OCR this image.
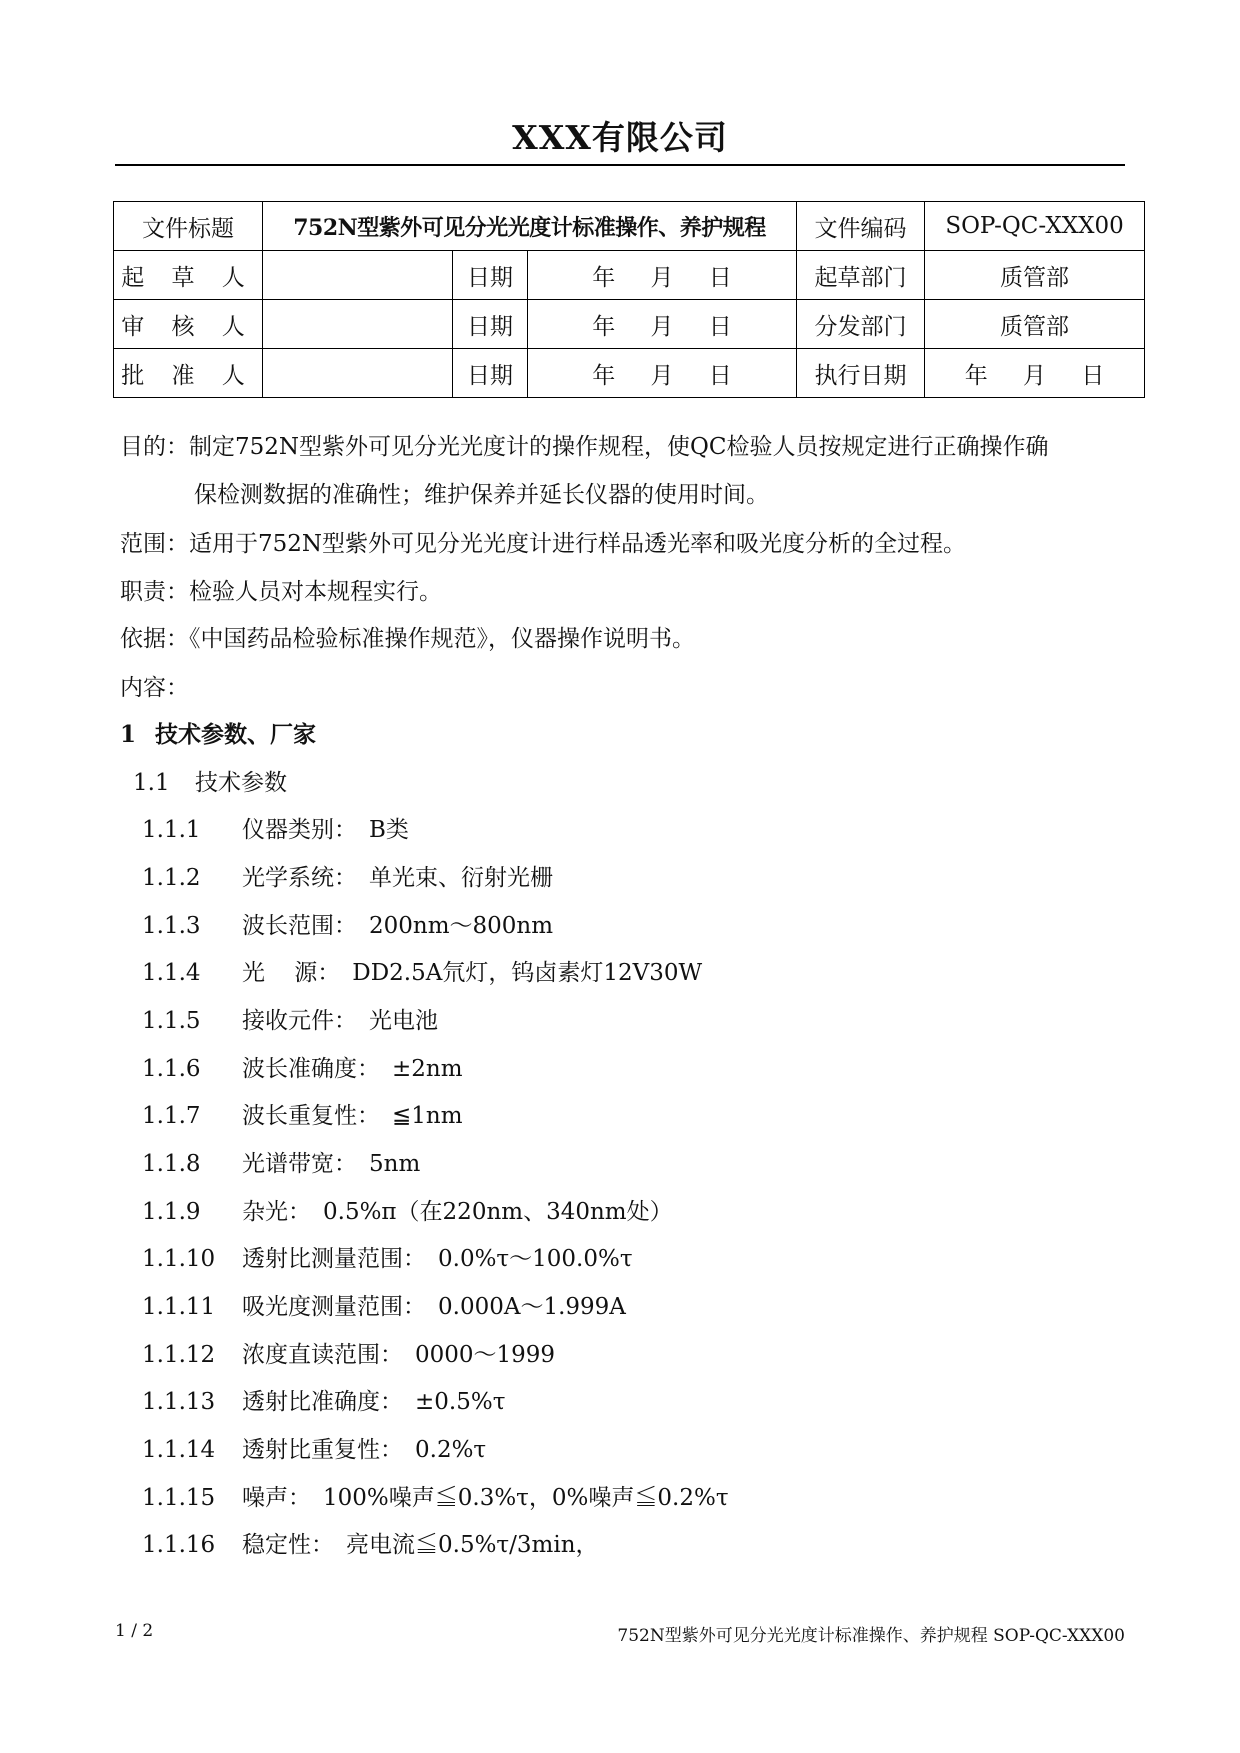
XXX有限公司
文件标题	752N型紫外可见分光光度计标准操作、养护规程			文件编码	SOP-QC-XXX00
起 草 人		日期	年 月 日	起草部门	质管部
审 核 人		日期	年 月 日	分发部门	质管部
批 准 人		日期	年 月 日	执行日期	年 月 日
目的：制定752N型紫外可见分光光度计的操作规程，使QC检验人员按规定进行正确操作确
保检测数据的准确性；维护保养并延长仪器的使用时间。
范围：适用于752N型紫外可见分光光度计进行样品透光率和吸光度分析的全过程。
职责：检验人员对本规程实行。
依据：《中国药品检验标准操作规范》，仪器操作说明书。
内容：
1 技术参数、厂家
1.1 技术参数
1.1.1 仪器类别： B类
1.1.2 光学系统： 单光束、衍射光栅
1.1.3 波长范围： 200nm～800nm
1.1.4 光    源： DD2.5A氘灯，钨卤素灯12V30W
1.1.5 接收元件： 光电池
1.1.6 波长准确度： ±2nm
1.1.7 波长重复性： ≦1nm
1.1.8 光谱带宽： 5nm
1.1.9 杂光： 0.5%π（在220nm、340nm处）
1.1.10 透射比测量范围： 0.0%τ～100.0%τ
1.1.11 吸光度测量范围： 0.000A～1.999A
1.1.12 浓度直读范围： 0000～1999
1.1.13 透射比准确度： ±0.5%τ
1.1.14 透射比重复性： 0.2%τ
1.1.15 噪声： 100%噪声≦0.3%τ，0%噪声≦0.2%τ
1.1.16 稳定性： 亮电流≦0.5%τ/3min，
1 / 2	752N型紫外可见分光光度计标准操作、养护规程 SOP-QC-XXX00
